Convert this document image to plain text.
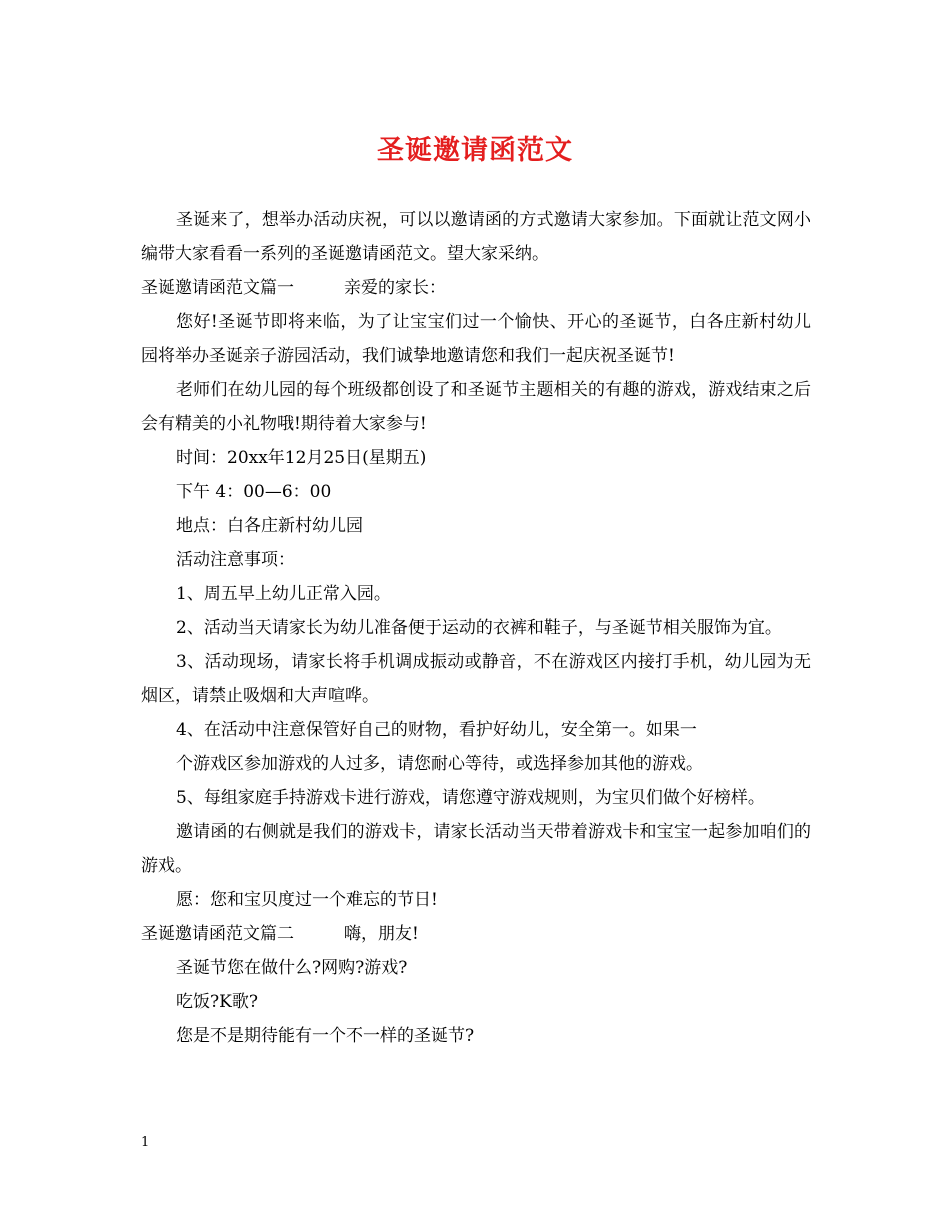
圣诞邀请函范文

圣诞来了，想举办活动庆祝，可以以邀请函的方式邀请大家参加。下面就让范文网小编带大家看看一系列的圣诞邀请函范文。望大家采纳。

圣诞邀请函范文篇一	亲爱的家长：

您好!圣诞节即将来临，为了让宝宝们过一个愉快、开心的圣诞节，白各庄新村幼儿园将举办圣诞亲子游园活动，我们诚挚地邀请您和我们一起庆祝圣诞节!

老师们在幼儿园的每个班级都创设了和圣诞节主题相关的有趣的游戏，游戏结束之后会有精美的小礼物哦!期待着大家参与!

时间：20xx年12月25日(星期五)

下午 4：00—6：00

地点：白各庄新村幼儿园

活动注意事项：

1、周五早上幼儿正常入园。

2、活动当天请家长为幼儿准备便于运动的衣裤和鞋子，与圣诞节相关服饰为宜。

3、活动现场，请家长将手机调成振动或静音，不在游戏区内接打手机，幼儿园为无烟区，请禁止吸烟和大声喧哗。

4、在活动中注意保管好自己的财物，看护好幼儿，安全第一。如果一

个游戏区参加游戏的人过多，请您耐心等待，或选择参加其他的游戏。

5、每组家庭手持游戏卡进行游戏，请您遵守游戏规则，为宝贝们做个好榜样。

邀请函的右侧就是我们的游戏卡，请家长活动当天带着游戏卡和宝宝一起参加咱们的游戏。

愿：您和宝贝度过一个难忘的节日!

圣诞邀请函范文篇二	嗨，朋友!

圣诞节您在做什么?网购?游戏?

吃饭?K歌?

您是不是期待能有一个不一样的圣诞节?

1
